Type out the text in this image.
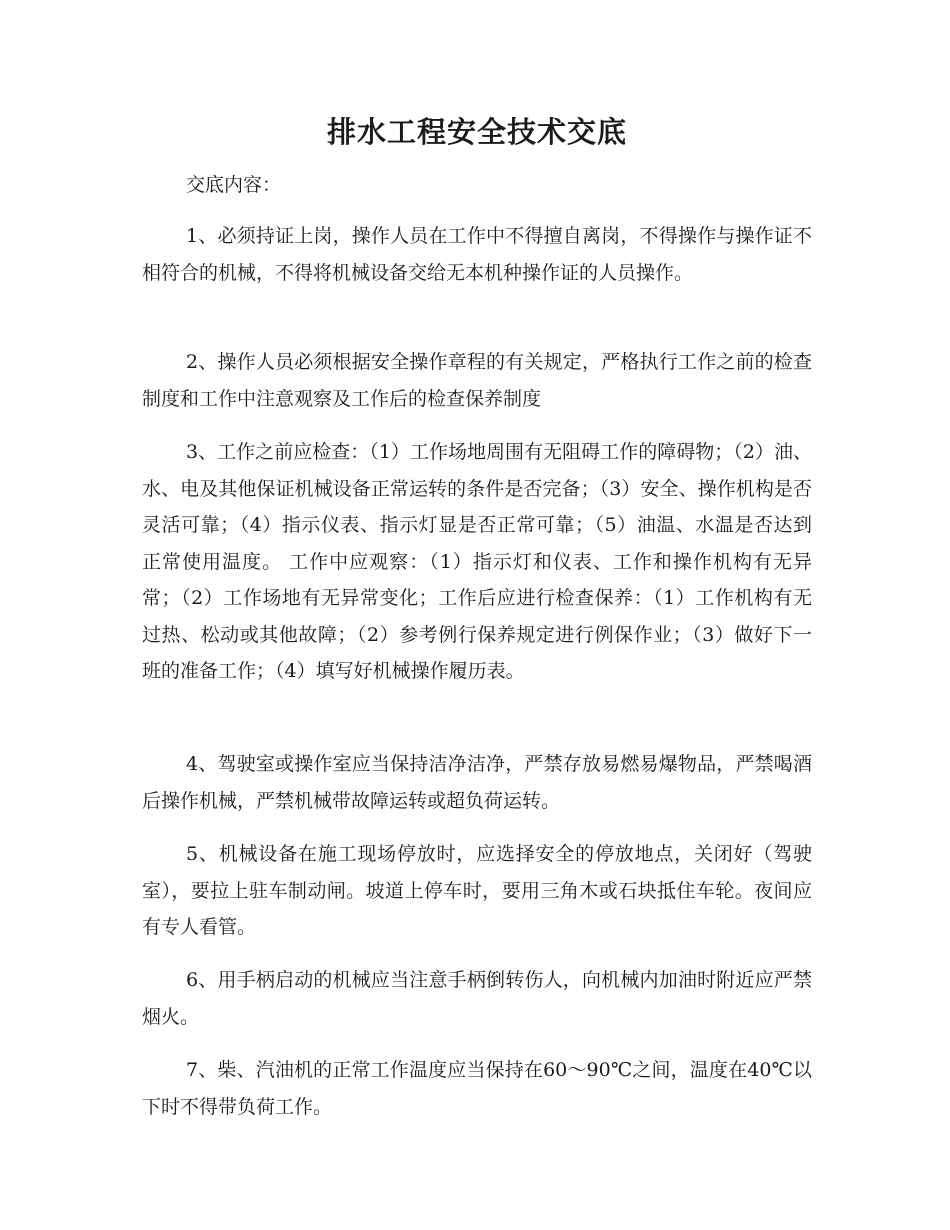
排水工程安全技术交底

交底内容：

1、必须持证上岗，操作人员在工作中不得擅自离岗，不得操作与操作证不相符合的机械，不得将机械设备交给无本机种操作证的人员操作。

2、操作人员必须根据安全操作章程的有关规定，严格执行工作之前的检查制度和工作中注意观察及工作后的检查保养制度

3、工作之前应检查：（1）工作场地周围有无阻碍工作的障碍物；（2）油、水、电及其他保证机械设备正常运转的条件是否完备；（3）安全、操作机构是否灵活可靠；（4）指示仪表、指示灯显是否正常可靠；（5）油温、水温是否达到正常使用温度。 工作中应观察：（1）指示灯和仪表、工作和操作机构有无异常；（2）工作场地有无异常变化；工作后应进行检查保养：（1）工作机构有无过热、松动或其他故障；（2）参考例行保养规定进行例保作业；（3）做好下一班的准备工作；（4）填写好机械操作履历表。

4、驾驶室或操作室应当保持洁净洁净，严禁存放易燃易爆物品，严禁喝酒后操作机械，严禁机械带故障运转或超负荷运转。

5、机械设备在施工现场停放时，应选择安全的停放地点，关闭好（驾驶室），要拉上驻车制动闸。坡道上停车时，要用三角木或石块抵住车轮。夜间应有专人看管。

6、用手柄启动的机械应当注意手柄倒转伤人，向机械内加油时附近应严禁烟火。

7、柴、汽油机的正常工作温度应当保持在60～90℃之间，温度在40℃以下时不得带负荷工作。
